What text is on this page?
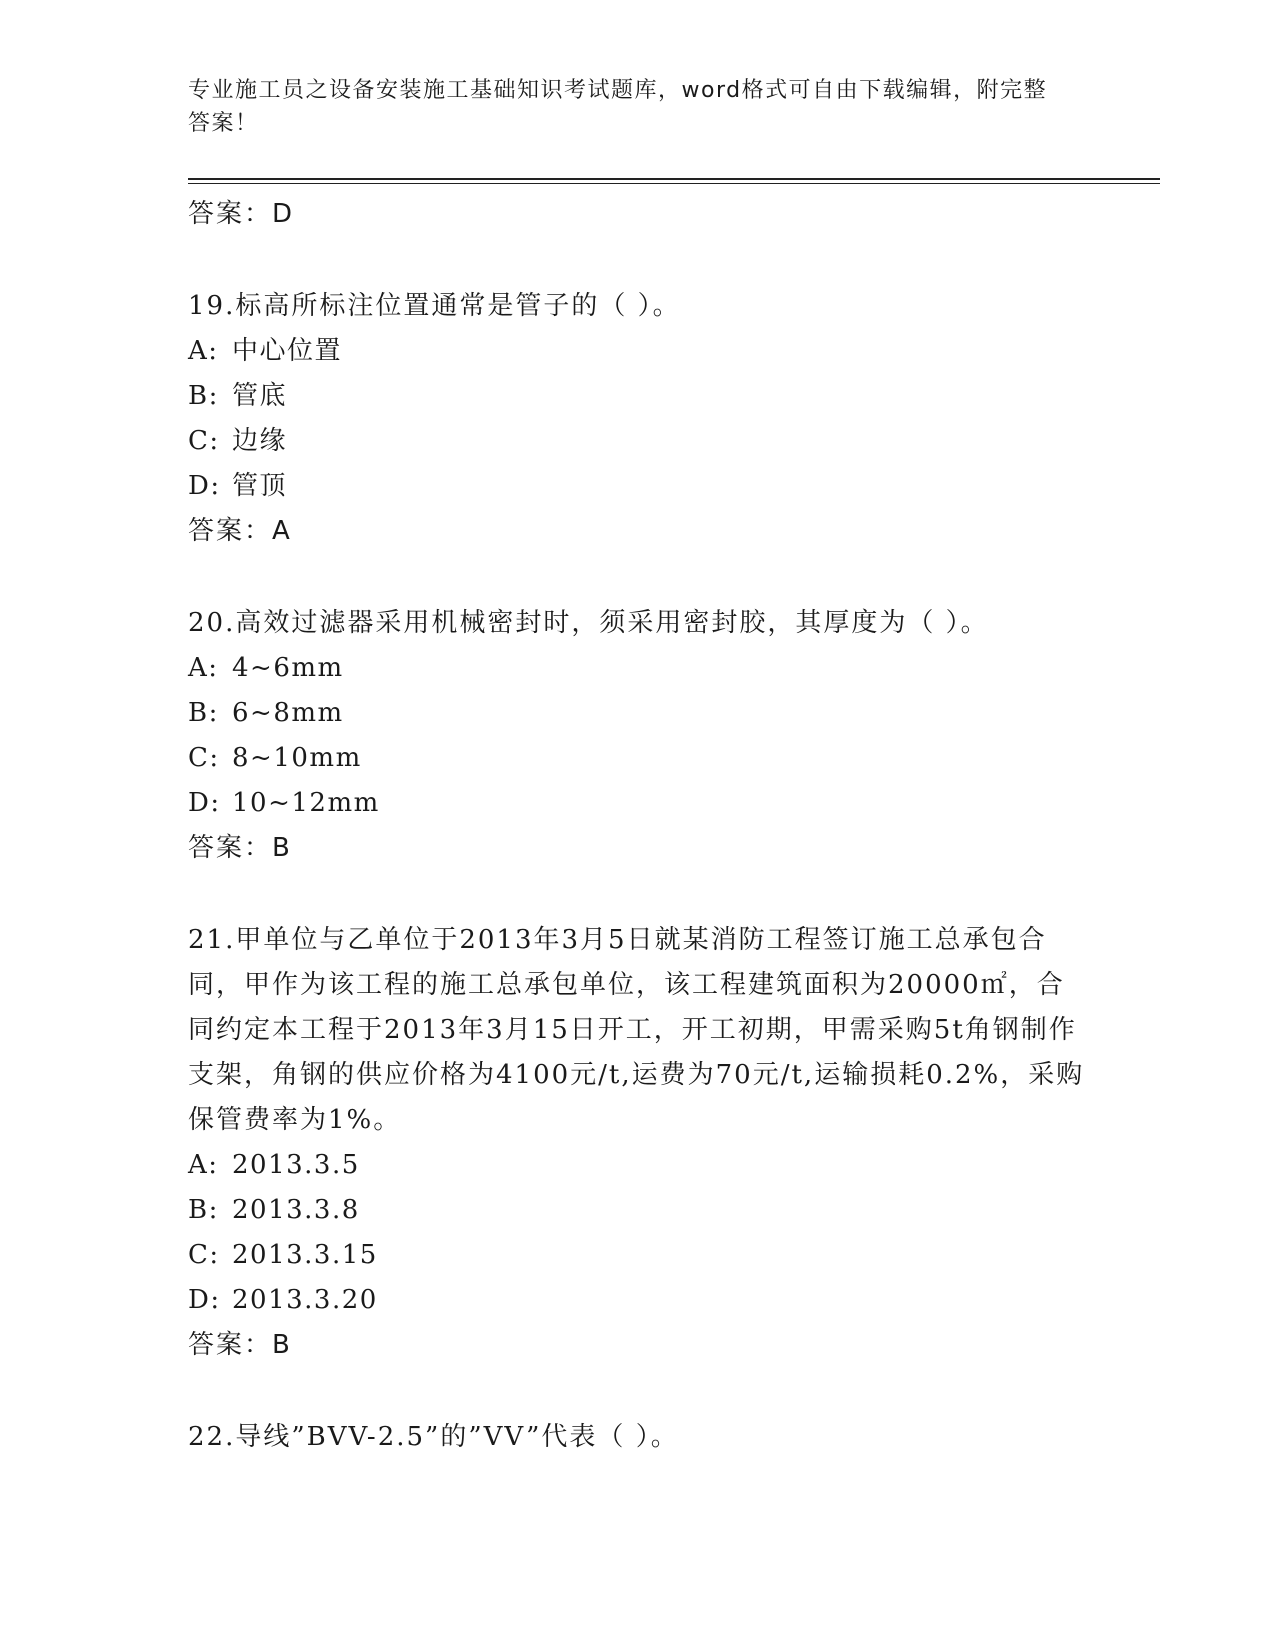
专业施工员之设备安装施工基础知识考试题库，word格式可自由下载编辑，附完整答案！
答案：D
19.标高所标注位置通常是管子的（ ）。
A: 中心位置
B: 管底
C: 边缘
D: 管顶
答案：A
20.高效过滤器采用机械密封时，须采用密封胶，其厚度为（ ）。
A: 4~6mm
B: 6~8mm
C: 8~10mm
D: 10~12mm
答案：B
21.甲单位与乙单位于2013年3月5日就某消防工程签订施工总承包合同，甲作为该工程的施工总承包单位，该工程建筑面积为20000㎡，合同约定本工程于2013年3月15日开工，开工初期，甲需采购5t角钢制作支架，角钢的供应价格为4100元/t,运费为70元/t,运输损耗0.2%，采购保管费率为1%。
A: 2013.3.5
B: 2013.3.8
C: 2013.3.15
D: 2013.3.20
答案：B
22.导线”BVV-2.5”的”VV”代表（ ）。
